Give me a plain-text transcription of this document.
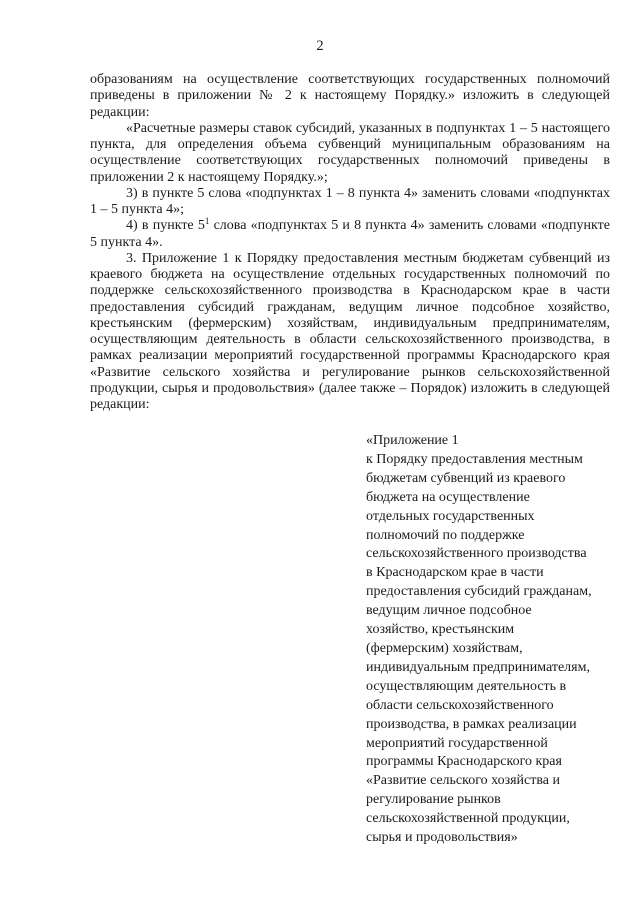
2

образованиям на осуществление соответствующих государственных полномочий приведены в приложении № 2 к настоящему Порядку.» изложить в следующей редакции:

«Расчетные размеры ставок субсидий, указанных в подпунктах 1 – 5 настоящего пункта, для определения объема субвенций муниципальным образованиям на осуществление соответствующих государственных полномочий приведены в приложении 2 к настоящему Порядку.»;

3) в пункте 5 слова «подпунктах 1 – 8 пункта 4» заменить словами «подпунктах 1 – 5 пункта 4»;

4) в пункте $5^1$ слова «подпунктах 5 и 8 пункта 4» заменить словами «подпункте 5 пункта 4».

3. Приложение 1 к Порядку предоставления местным бюджетам субвенций из краевого бюджета на осуществление отдельных государственных полномочий по поддержке сельскохозяйственного производства в Краснодарском крае в части предоставления субсидий гражданам, ведущим личное подсобное хозяйство, крестьянским (фермерским) хозяйствам, индивидуальным предпринимателям, осуществляющим деятельность в области сельскохозяйственного производства, в рамках реализации мероприятий государственной программы Краснодарского края «Развитие сельского хозяйства и регулирование рынков сельскохозяйственной продукции, сырья и продовольствия» (далее также – Порядок) изложить в следующей редакции:

«Приложение 1
к Порядку предоставления местным
бюджетам субвенций из краевого
бюджета на осуществление
отдельных государственных
полномочий по поддержке
сельскохозяйственного производства
в Краснодарском крае в части
предоставления субсидий гражданам,
ведущим личное подсобное
хозяйство, крестьянским
(фермерским) хозяйствам,
индивидуальным предпринимателям,
осуществляющим деятельность в
области сельскохозяйственного
производства, в рамках реализации
мероприятий государственной
программы Краснодарского края
«Развитие сельского хозяйства и
регулирование рынков
сельскохозяйственной продукции,
сырья и продовольствия»
